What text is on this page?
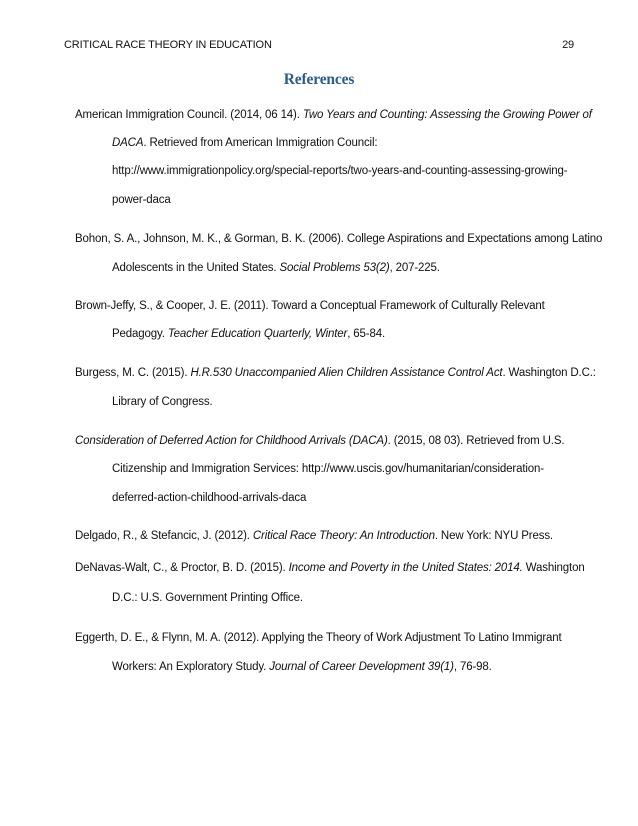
CRITICAL RACE THEORY IN EDUCATION	29
References
American Immigration Council. (2014, 06 14). Two Years and Counting: Assessing the Growing Power of
DACA. Retrieved from American Immigration Council:
http://www.immigrationpolicy.org/special-reports/two-years-and-counting-assessing-growing-
power-daca
Bohon, S. A., Johnson, M. K., & Gorman, B. K. (2006). College Aspirations and Expectations among Latino
Adolescents in the United States. Social Problems 53(2), 207-225.
Brown-Jeffy, S., & Cooper, J. E. (2011). Toward a Conceptual Framework of Culturally Relevant
Pedagogy. Teacher Education Quarterly, Winter, 65-84.
Burgess, M. C. (2015). H.R.530 Unaccompanied Alien Children Assistance Control Act. Washington D.C.:
Library of Congress.
Consideration of Deferred Action for Childhood Arrivals (DACA). (2015, 08 03). Retrieved from U.S.
Citizenship and Immigration Services: http://www.uscis.gov/humanitarian/consideration-
deferred-action-childhood-arrivals-daca
Delgado, R., & Stefancic, J. (2012). Critical Race Theory: An Introduction. New York: NYU Press.
DeNavas-Walt, C., & Proctor, B. D. (2015). Income and Poverty in the United States: 2014. Washington
D.C.: U.S. Government Printing Office.
Eggerth, D. E., & Flynn, M. A. (2012). Applying the Theory of Work Adjustment To Latino Immigrant
Workers: An Exploratory Study. Journal of Career Development 39(1), 76-98.
